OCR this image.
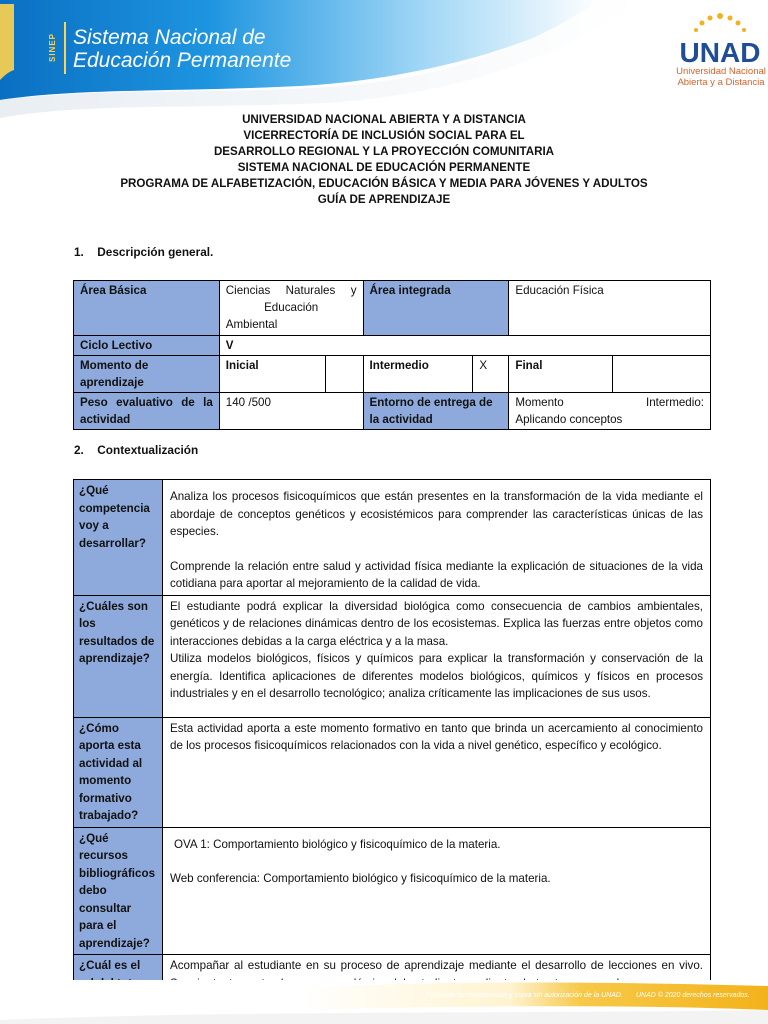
SINEP Sistema Nacional de
Educación Permanente	UNAD
Universidad Nacional
Abierta y a Distancia
UNIVERSIDAD NACIONAL ABIERTA Y A DISTANCIA
VICERRECTORÍA DE INCLUSIÓN SOCIAL PARA EL
DESARROLLO REGIONAL Y LA PROYECCIÓN COMUNITARIA
SISTEMA NACIONAL DE EDUCACIÓN PERMANENTE
PROGRAMA DE ALFABETIZACIÓN, EDUCACIÓN BÁSICA Y MEDIA PARA JÓVENES Y ADULTOS
GUÍA DE APRENDIZAJE
1. Descripción general.
Área Básica	Ciencias Naturales y
Educación
Ambiental		Área integrada		Educación Física	
Ciclo Lectivo	V					
Momento de aprendizaje	Inicial		Intermedio	X	Final	
Peso evaluativo de la actividad	140 /500		Entorno de entrega de la actividad		Momento Intermedio:
Aplicando conceptos	
2. Contextualización
¿Qué competencia voy a desarrollar?	Analiza los procesos fisicoquímicos que están presentes en la transformación de la vida mediante el abordaje de conceptos genéticos y ecosistémicos para comprender las características únicas de las especies.
Comprende la relación entre salud y actividad física mediante la explicación de situaciones de la vida cotidiana para aportar al mejoramiento de la calidad de vida.

¿Cuáles son los resultados de aprendizaje?	El estudiante podrá explicar la diversidad biológica como consecuencia de cambios ambientales, genéticos y de relaciones dinámicas dentro de los ecosistemas. Explica las fuerzas entre objetos como interacciones debidas a la carga eléctrica y a la masa.
Utiliza modelos biológicos, físicos y químicos para explicar la transformación y conservación de la energía. Identifica aplicaciones de diferentes modelos biológicos, químicos y físicos en procesos industriales y en el desarrollo tecnológico; analiza críticamente las implicaciones de sus usos.

¿Cómo aporta esta actividad al momento formativo trabajado?	Esta actividad aporta a este momento formativo en tanto que brinda un acercamiento al conocimiento de los procesos fisicoquímicos relacionados con la vida a nivel genético, específico y ecológico.

¿Qué recursos bibliográficos debo consultar para el aprendizaje?	OVA 1: Comportamiento biológico y fisicoquímico de la materia.
Web conferencia: Comportamiento biológico y fisicoquímico de la materia.

¿Cuál es el	Acompañar al estudiante en su proceso de aprendizaje mediante el desarrollo de lecciones en vivo.
Prohibida su reproducción y copia sin autorización de la UNAD. UNAD © 2020 derechos reservados.
